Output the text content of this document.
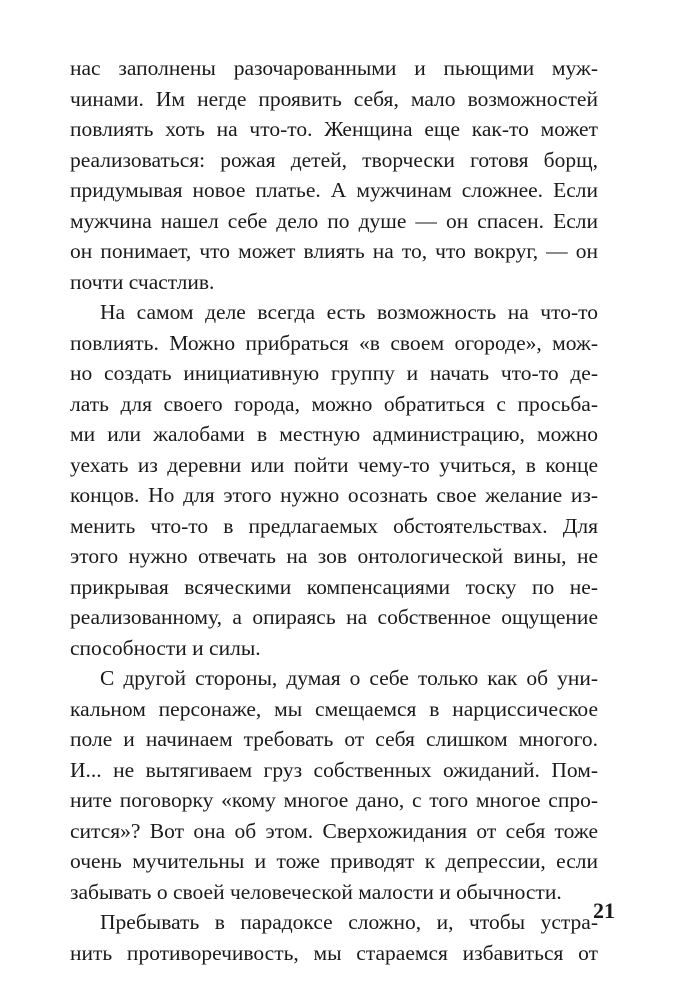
нас заполнены разочарованными и пьющими муж-
чинами. Им негде проявить себя, мало возможностей
повлиять хоть на что-то. Женщина еще как-то может
реализоваться: рожая детей, творчески готовя борщ,
придумывая новое платье. А мужчинам сложнее. Если
мужчина нашел себе дело по душе — он спасен. Если
он понимает, что может влиять на то, что вокруг, — он
почти счастлив.
На самом деле всегда есть возможность на что-то
повлиять. Можно прибраться «в своем огороде», мож-
но создать инициативную группу и начать что-то де-
лать для своего города, можно обратиться с просьба-
ми или жалобами в местную администрацию, можно
уехать из деревни или пойти чему-то учиться, в конце
концов. Но для этого нужно осознать свое желание из-
менить что-то в предлагаемых обстоятельствах. Для
этого нужно отвечать на зов онтологической вины, не
прикрывая всяческими компенсациями тоску по не-
реализованному, а опираясь на собственное ощущение
способности и силы.
С другой стороны, думая о себе только как об уни-
кальном персонаже, мы смещаемся в нарциссическое
поле и начинаем требовать от себя слишком многого.
И... не вытягиваем груз собственных ожиданий. Пом-
ните поговорку «кому многое дано, с того многое спро-
сится»? Вот она об этом. Сверхожидания от себя тоже
очень мучительны и тоже приводят к депрессии, если
забывать о своей человеческой малости и обычности.
Пребывать в парадоксе сложно, и, чтобы устра-
нить противоречивость, мы стараемся избавиться от
21
